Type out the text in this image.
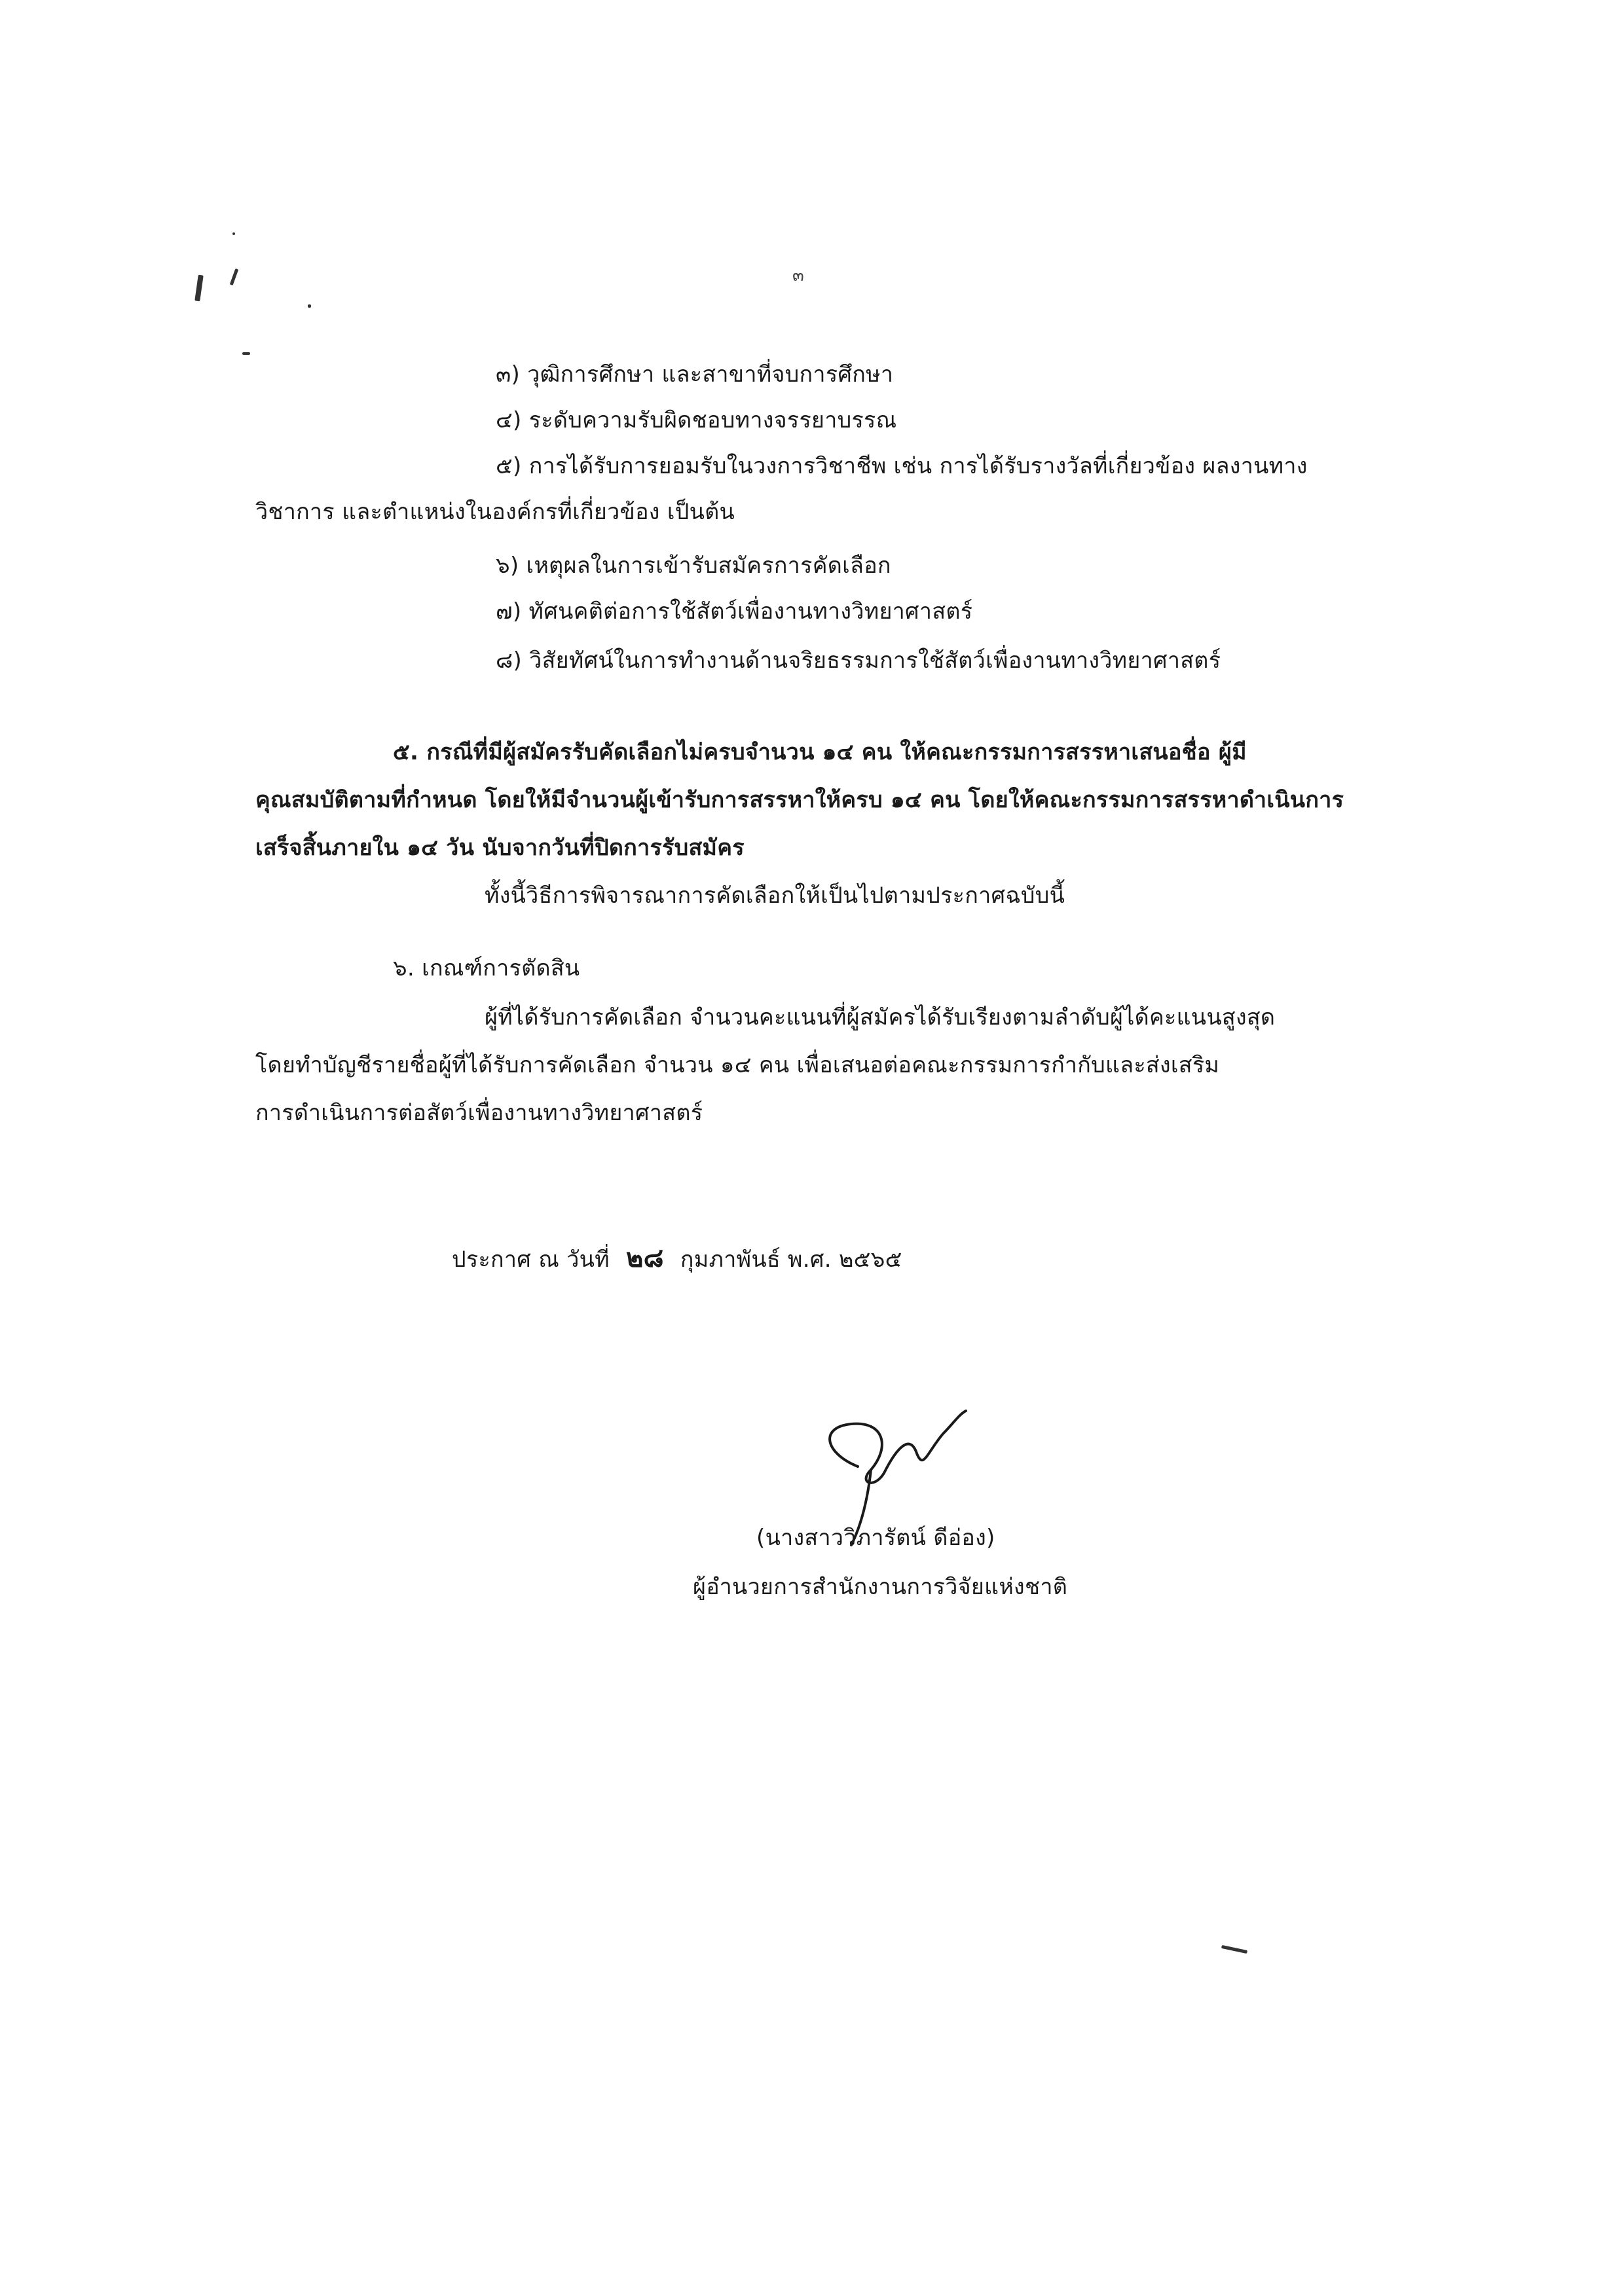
๓
๓) วุฒิการศึกษา และสาขาที่จบการศึกษา
๔) ระดับความรับผิดชอบทางจรรยาบรรณ
๕) การได้รับการยอมรับในวงการวิชาชีพ เช่น การได้รับรางวัลที่เกี่ยวข้อง ผลงานทาง
วิชาการ และตำแหน่งในองค์กรที่เกี่ยวข้อง เป็นต้น
๖) เหตุผลในการเข้ารับสมัครการคัดเลือก
๗) ทัศนคติต่อการใช้สัตว์เพื่องานทางวิทยาศาสตร์
๘) วิสัยทัศน์ในการทำงานด้านจริยธรรมการใช้สัตว์เพื่องานทางวิทยาศาสตร์
๕. กรณีที่มีผู้สมัครรับคัดเลือกไม่ครบจำนวน ๑๔ คน ให้คณะกรรมการสรรหาเสนอชื่อ ผู้มี
คุณสมบัติตามที่กำหนด โดยให้มีจำนวนผู้เข้ารับการสรรหาให้ครบ ๑๔ คน โดยให้คณะกรรมการสรรหาดำเนินการ
เสร็จสิ้นภายใน ๑๔ วัน นับจากวันที่ปิดการรับสมัคร
ทั้งนี้วิธีการพิจารณาการคัดเลือกให้เป็นไปตามประกาศฉบับนี้
๖. เกณฑ์การตัดสิน
ผู้ที่ได้รับการคัดเลือก จำนวนคะแนนที่ผู้สมัครได้รับเรียงตามลำดับผู้ได้คะแนนสูงสุด
โดยทำบัญชีรายชื่อผู้ที่ได้รับการคัดเลือก จำนวน ๑๔ คน เพื่อเสนอต่อคณะกรรมการกำกับและส่งเสริม
การดำเนินการต่อสัตว์เพื่องานทางวิทยาศาสตร์
ประกาศ ณ วันที่ ๒๘ กุมภาพันธ์ พ.ศ. ๒๕๖๕
(นางสาววิภารัตน์ ดีอ่อง)
ผู้อำนวยการสำนักงานการวิจัยแห่งชาติ
